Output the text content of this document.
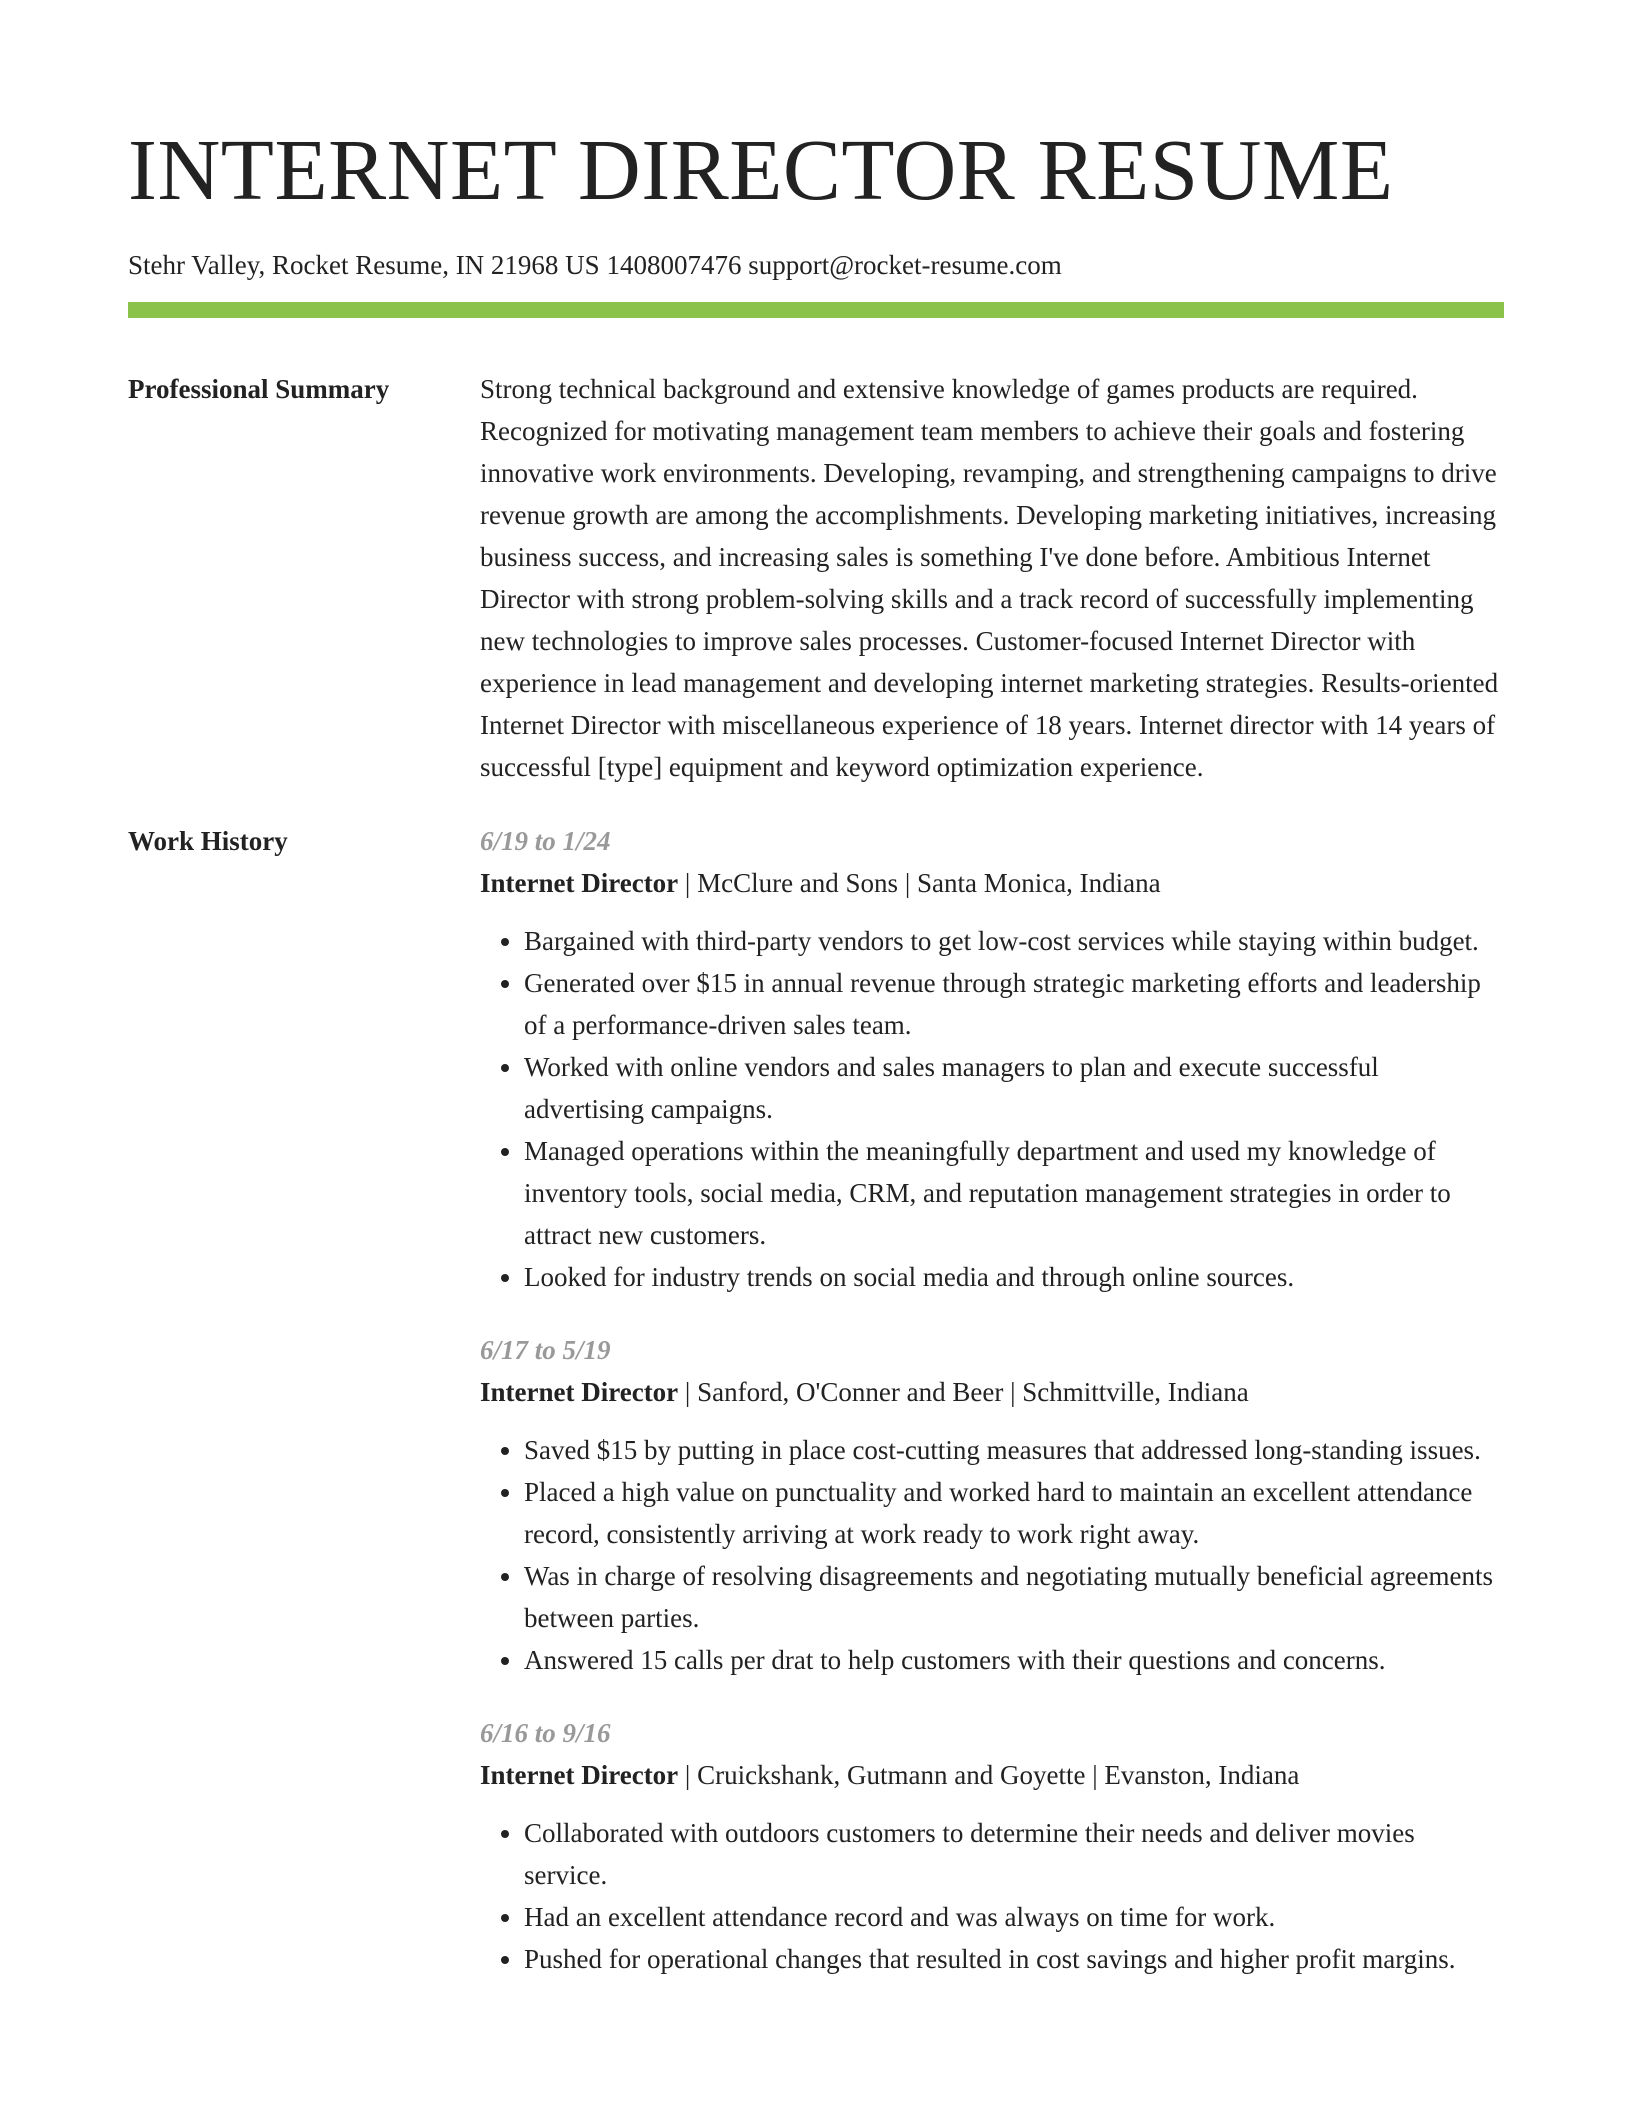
INTERNET DIRECTOR RESUME
Stehr Valley, Rocket Resume, IN 21968 US 1408007476 support@rocket-resume.com
Professional Summary	Strong technical background and extensive knowledge of games products are required. Recognized for motivating management team members to achieve their goals and fostering innovative work environments. Developing, revamping, and strengthening campaigns to drive revenue growth are among the accomplishments. Developing marketing initiatives, increasing business success, and increasing sales is something I've done before. Ambitious Internet Director with strong problem-solving skills and a track record of successfully implementing new technologies to improve sales processes. Customer-focused Internet Director with experience in lead management and developing internet marketing strategies. Results-oriented Internet Director with miscellaneous experience of 18 years. Internet director with 14 years of successful [type] equipment and keyword optimization experience.

Work History	6/19 to 1/24

Internet Director | McClure and Sons | Santa Monica, Indiana

• Bargained with third-party vendors to get low-cost services while staying within budget.
• Generated over $15 in annual revenue through strategic marketing efforts and leadership of a performance-driven sales team.
• Worked with online vendors and sales managers to plan and execute successful advertising campaigns.
• Managed operations within the meaningfully department and used my knowledge of inventory tools, social media, CRM, and reputation management strategies in order to attract new customers.
• Looked for industry trends on social media and through online sources.
6/17 to 5/19

Internet Director | Sanford, O'Conner and Beer | Schmittville, Indiana

• Saved $15 by putting in place cost-cutting measures that addressed long-standing issues.
• Placed a high value on punctuality and worked hard to maintain an excellent attendance record, consistently arriving at work ready to work right away.
• Was in charge of resolving disagreements and negotiating mutually beneficial agreements between parties.
• Answered 15 calls per drat to help customers with their questions and concerns.
6/16 to 9/16

Internet Director | Cruickshank, Gutmann and Goyette | Evanston, Indiana

• Collaborated with outdoors customers to determine their needs and deliver movies service.
• Had an excellent attendance record and was always on time for work.
• Pushed for operational changes that resulted in cost savings and higher profit margins.
